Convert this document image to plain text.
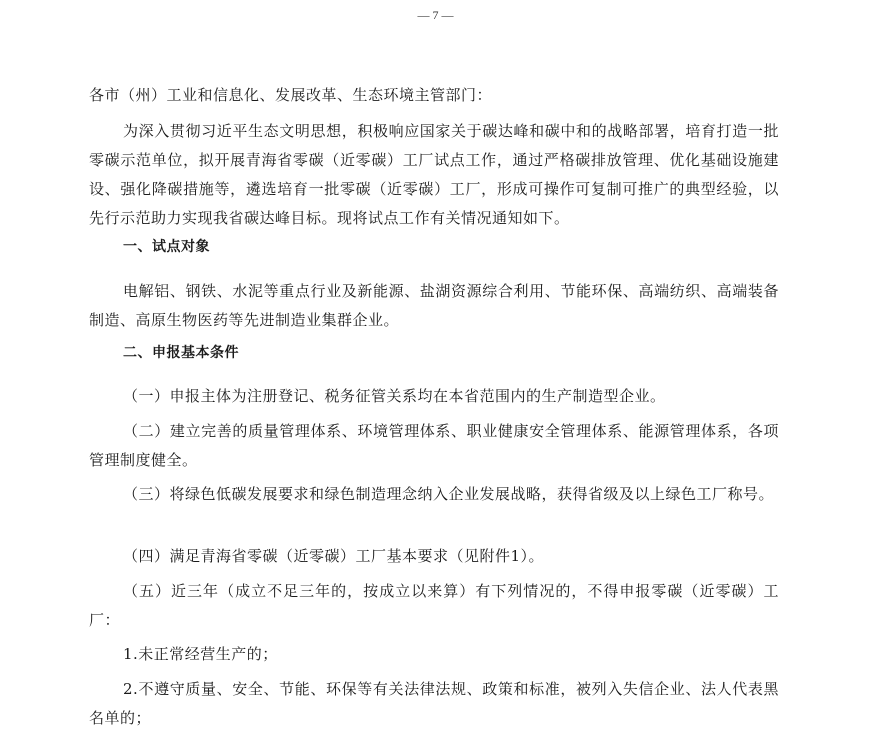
— 7 —

各市（州）工业和信息化、发展改革、生态环境主管部门：

为深入贯彻习近平生态文明思想，积极响应国家关于碳达峰和碳中和的战略部署，培育打造一批零碳示范单位，拟开展青海省零碳（近零碳）工厂试点工作，通过严格碳排放管理、优化基础设施建设、强化降碳措施等，遴选培育一批零碳（近零碳）工厂，形成可操作可复制可推广的典型经验，以先行示范助力实现我省碳达峰目标。现将试点工作有关情况通知如下。

一、试点对象

电解铝、钢铁、水泥等重点行业及新能源、盐湖资源综合利用、节能环保、高端纺织、高端装备制造、高原生物医药等先进制造业集群企业。

二、申报基本条件

（一）申报主体为注册登记、税务征管关系均在本省范围内的生产制造型企业。

（二）建立完善的质量管理体系、环境管理体系、职业健康安全管理体系、能源管理体系，各项管理制度健全。

（三）将绿色低碳发展要求和绿色制造理念纳入企业发展战略，获得省级及以上绿色工厂称号。

（四）满足青海省零碳（近零碳）工厂基本要求（见附件1）。

（五）近三年（成立不足三年的，按成立以来算）有下列情况的，不得申报零碳（近零碳）工厂：

1.未正常经营生产的；

2.不遵守质量、安全、节能、环保等有关法律法规、政策和标准，被列入失信企业、法人代表黑名单的；
